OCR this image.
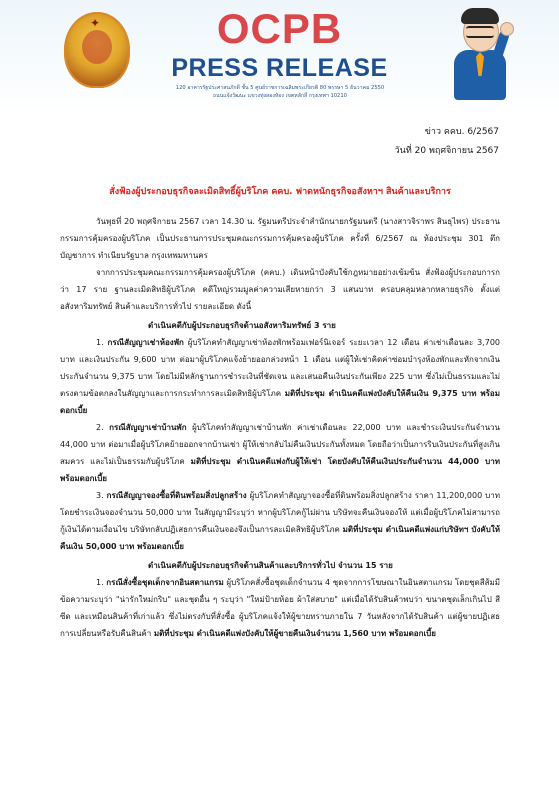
✦	OCPB
PRESS RELEASE
120 อาคารรัฐประศาสนภักดี ชั้น 5 ศูนย์ราชการเฉลิมพระเกียรติ 80 พรรษา 5 ธันวาคม 2550
ถนนแจ้งวัฒนะ แขวงทุ่งสองห้อง เขตหลักสี่ กรุงเทพฯ 10210
ข่าว คคบ. 6/2567
วันที่ 20 พฤศจิกายน 2567
สั่งฟ้องผู้ประกอบธุรกิจละเมิดสิทธิ์ผู้บริโภค คคบ. ฟาดหนักธุรกิจอสังหาฯ สินค้าและบริการ

วันพุธที่ 20 พฤศจิกายน 2567 เวลา 14.30 น. รัฐมนตรีประจำสำนักนายกรัฐมนตรี (นางสาวจิราพร สินธุไพร) ประธานกรรมการคุ้มครองผู้บริโภค เป็นประธานการประชุมคณะกรรมการคุ้มครองผู้บริโภค ครั้งที่ 6/2567 ณ ห้องประชุม 301 ตึกบัญชาการ ทำเนียบรัฐบาล กรุงเทพมหานคร

จากการประชุมคณะกรรมการคุ้มครองผู้บริโภค (คคบ.) เดินหน้าบังคับใช้กฎหมายอย่างเข้มข้น สั่งฟ้องผู้ประกอบการกว่า 17 ราย ฐานละเมิดสิทธิผู้บริโภค คดีใหญ่รวมมูลค่าความเสียหายกว่า 3 แสนบาท ครอบคลุมหลากหลายธุรกิจ ตั้งแต่อสังหาริมทรัพย์ สินค้าและบริการทั่วไป รายละเอียด ดังนี้

ดำเนินคดีกับผู้ประกอบธุรกิจด้านอสังหาริมทรัพย์ 3 ราย

1. กรณีสัญญาเช่าห้องพัก ผู้บริโภคทำสัญญาเช่าห้องพักพร้อมเฟอร์นิเจอร์ ระยะเวลา 12 เดือน ค่าเช่าเดือนละ 3,700 บาท และเงินประกัน 9,600 บาท ต่อมาผู้บริโภคแจ้งย้ายออกล่วงหน้า 1 เดือน แต่ผู้ให้เช่าคิดค่าซ่อมบำรุงห้องพักและหักจากเงินประกันจำนวน 9,375 บาท โดยไม่มีหลักฐานการชำระเงินที่ชัดเจน และเสนอคืนเงินประกันเพียง 225 บาท ซึ่งไม่เป็นธรรมและไม่ตรงตามข้อตกลงในสัญญาและการกระทำการละเมิดสิทธิผู้บริโภค มติที่ประชุม ดำเนินคดีแพ่งบังคับให้คืนเงิน 9,375 บาท พร้อมดอกเบี้ย

2. กรณีสัญญาเช่าบ้านพัก ผู้บริโภคทำสัญญาเช่าบ้านพัก ค่าเช่าเดือนละ 22,000 บาท และชำระเงินประกันจำนวน 44,000 บาท ต่อมาเมื่อผู้บริโภคย้ายออกจากบ้านเช่า ผู้ให้เช่ากลับไม่คืนเงินประกันทั้งหมด โดยถือว่าเป็นการริบเงินประกันที่สูงเกินสมควร และไม่เป็นธรรมกับผู้บริโภค มติที่ประชุม ดำเนินคดีแพ่งกับผู้ให้เช่า โดยบังคับให้คืนเงินประกันจำนวน 44,000 บาท พร้อมดอกเบี้ย

3. กรณีสัญญาจองซื้อที่ดินพร้อมสิ่งปลูกสร้าง ผู้บริโภคทำสัญญาจองซื้อที่ดินพร้อมสิ่งปลูกสร้าง ราคา 11,200,000 บาท โดยชำระเงินจองจำนวน 50,000 บาท ในสัญญามีระบุว่า หากผู้บริโภคกู้ไม่ผ่าน บริษัทจะคืนเงินจองให้ แต่เมื่อผู้บริโภคไม่สามารถกู้เงินได้ตามเงื่อนไข บริษัทกลับปฏิเสธการคืนเงินจองจึงเป็นการละเมิดสิทธิผู้บริโภค มติที่ประชุม ดำเนินคดีแพ่งแก่บริษัทฯ บังคับให้คืนเงิน 50,000 บาท พร้อมดอกเบี้ย

ดำเนินคดีกับผู้ประกอบธุรกิจด้านสินค้าและบริการทั่วไป จำนวน 15 ราย

1. กรณีสั่งซื้อชุดเด็กจากอินสตาแกรม ผู้บริโภคสั่งซื้อชุดเด็กจำนวน 4 ชุดจากการโฆษณาในอินสตาแกรม โดยชุดสีส้มมีข้อความระบุว่า "น่ารักใหม่กริบ" และชุดอื่น ๆ ระบุว่า "ใหม่ป้ายห้อย ผ้าใส่สบาย" แต่เมื่อได้รับสินค้าพบว่า ขนาดชุดเล็กเกินไป สีซีด และเหมือนสินค้าที่เก่าแล้ว ซึ่งไม่ตรงกับที่สั่งซื้อ ผู้บริโภคแจ้งให้ผู้ขายทราบภายใน 7 วันหลังจากได้รับสินค้า แต่ผู้ขายปฏิเสธการเปลี่ยนหรือรับคืนสินค้า มติที่ประชุม ดำเนินคดีแพ่งบังคับให้ผู้ขายคืนเงินจำนวน 1,560 บาท พร้อมดอกเบี้ย
